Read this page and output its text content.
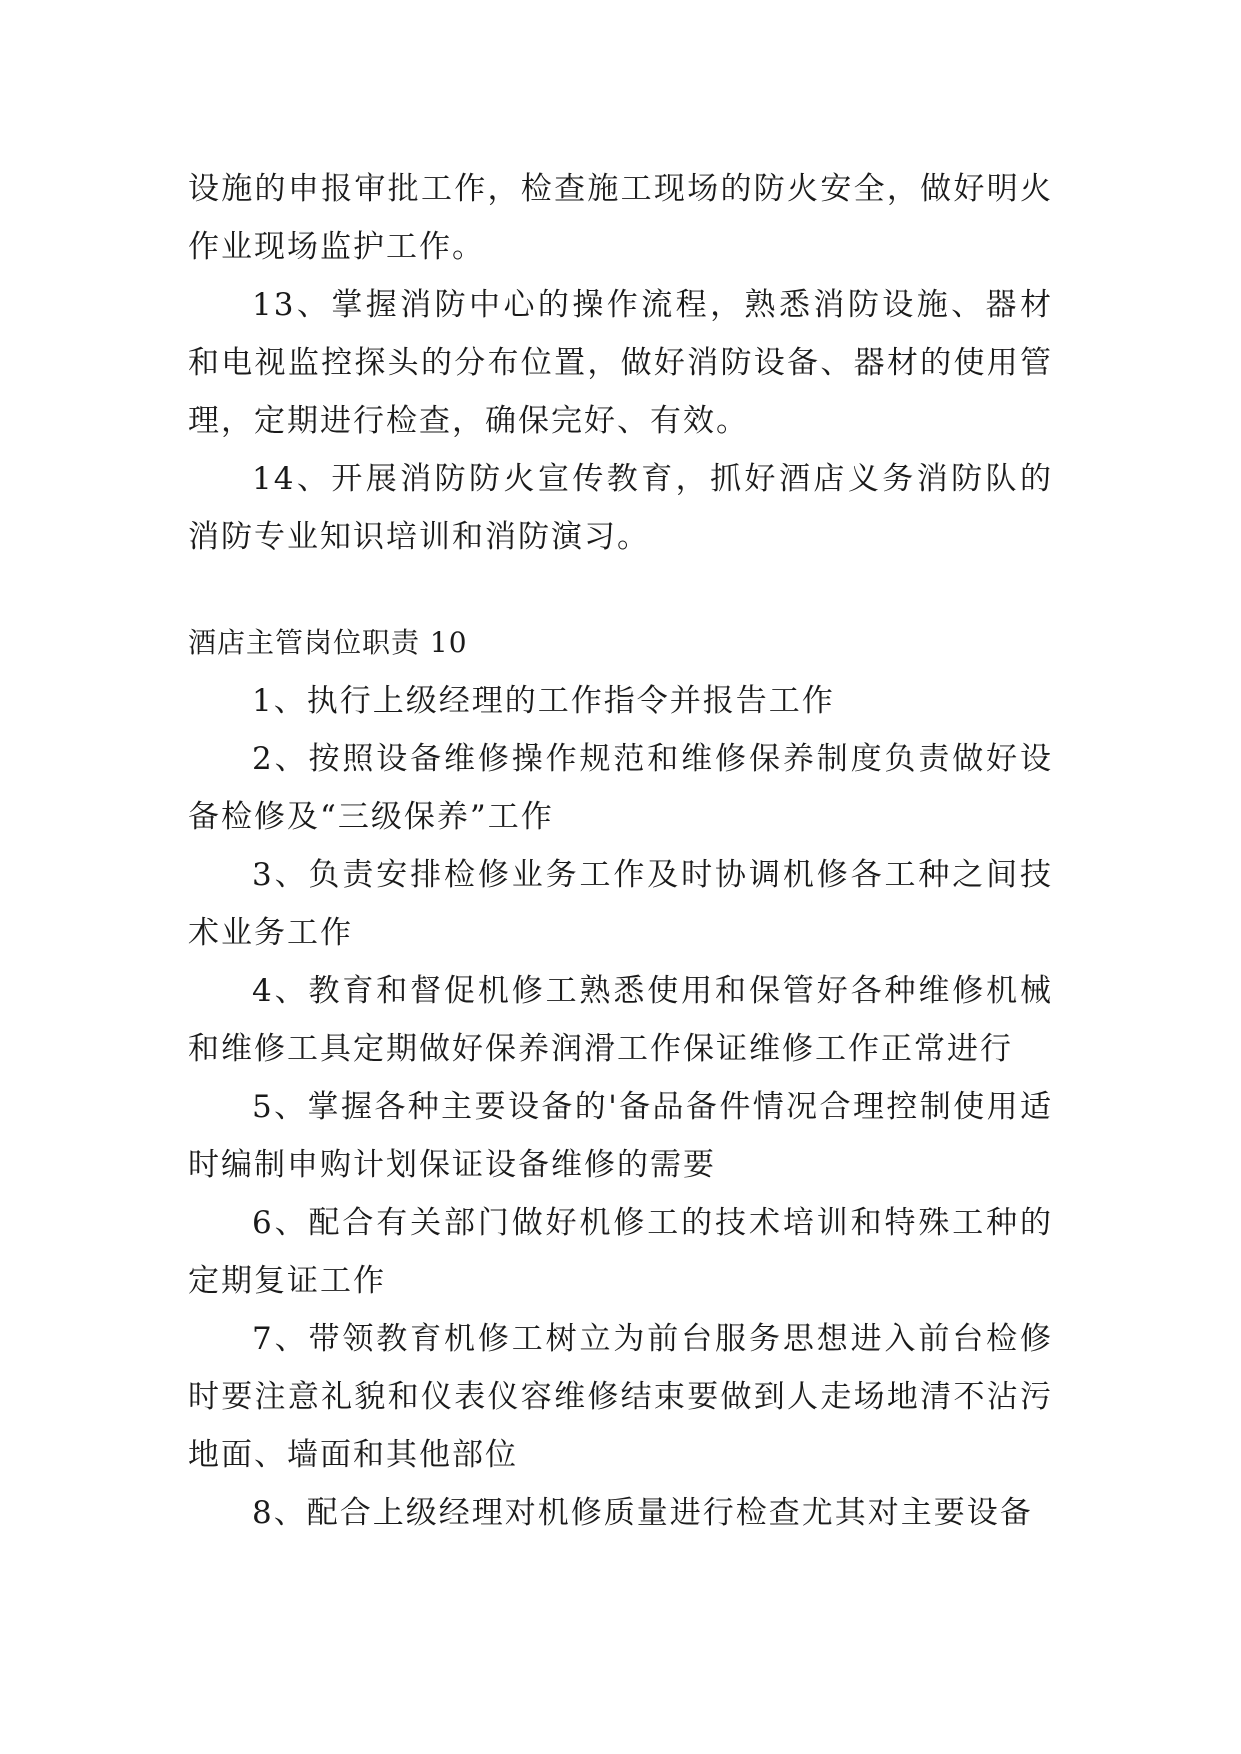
设施的申报审批工作，检查施工现场的防火安全，做好明火作业现场监护工作。

13、掌握消防中心的操作流程，熟悉消防设施、器材和电视监控探头的分布位置，做好消防设备、器材的使用管理，定期进行检查，确保完好、有效。

14、开展消防防火宣传教育，抓好酒店义务消防队的消防专业知识培训和消防演习。

酒店主管岗位职责 10

1、执行上级经理的工作指令并报告工作

2、按照设备维修操作规范和维修保养制度负责做好设备检修及“三级保养”工作

3、负责安排检修业务工作及时协调机修各工种之间技术业务工作

4、教育和督促机修工熟悉使用和保管好各种维修机械和维修工具定期做好保养润滑工作保证维修工作正常进行

5、掌握各种主要设备的'备品备件情况合理控制使用适时编制申购计划保证设备维修的需要

6、配合有关部门做好机修工的技术培训和特殊工种的定期复证工作

7、带领教育机修工树立为前台服务思想进入前台检修时要注意礼貌和仪表仪容维修结束要做到人走场地清不沾污地面、墙面和其他部位

8、配合上级经理对机修质量进行检查尤其对主要设备
